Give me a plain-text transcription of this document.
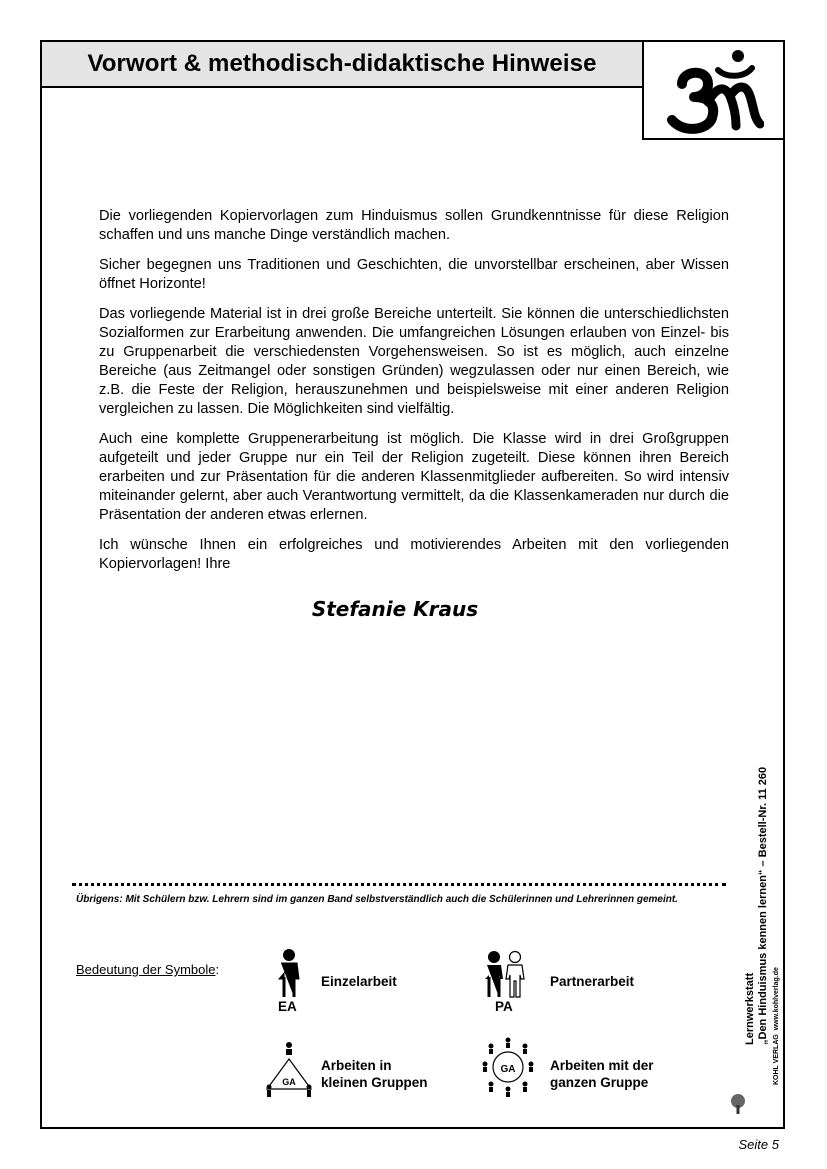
Vorwort & methodisch-didaktische Hinweise

Die vorliegenden Kopiervorlagen zum Hinduismus sollen Grundkenntnisse für diese Religion schaffen und uns manche Dinge verständlich machen.

Sicher begegnen uns Traditionen und Geschichten, die unvorstellbar erscheinen, aber Wissen öffnet Horizonte!

Das vorliegende Material ist in drei große Bereiche unterteilt. Sie können die unterschiedlichsten Sozialformen zur Erarbeitung anwenden. Die umfangreichen Lösungen erlauben von Einzel- bis zu Gruppenarbeit die verschiedensten Vorgehensweisen. So ist es möglich, auch einzelne Bereiche (aus Zeitmangel oder sonstigen Gründen) wegzulassen oder nur einen Bereich, wie z.B. die Feste der Religion, herauszunehmen und beispielsweise mit einer anderen Religion vergleichen zu lassen. Die Möglichkeiten sind vielfältig.

Auch eine komplette Gruppenerarbeitung ist möglich. Die Klasse wird in drei Großgruppen aufgeteilt und jeder Gruppe nur ein Teil der Religion zugeteilt. Diese können ihren Bereich erarbeiten und zur Präsentation für die anderen Klassenmitglieder aufbereiten. So wird intensiv miteinander gelernt, aber auch Verantwortung vermittelt, da die Klassenkameraden nur durch die Präsentation der anderen etwas erlernen.

Ich wünsche Ihnen ein erfolgreiches und motivierendes Arbeiten mit den vorliegenden Kopiervorlagen! Ihre

Stefanie Kraus
Übrigens: Mit Schülern bzw. Lehrern sind im ganzen Band selbstverständlich auch die Schülerinnen und Lehrerinnen gemeint.
Bedeutung der Symbole:
EA
Einzelarbeit
PA
Partnerarbeit
GA
Arbeiten in
kleinen Gruppen
GA	Arbeiten mit der
ganzen Gruppe
Lernwerkstatt „Den Hinduismus kennen lernen“ – Bestell-Nr. 11 260
KOHL VERLAG  www.kohlverlag.de
Seite 5
